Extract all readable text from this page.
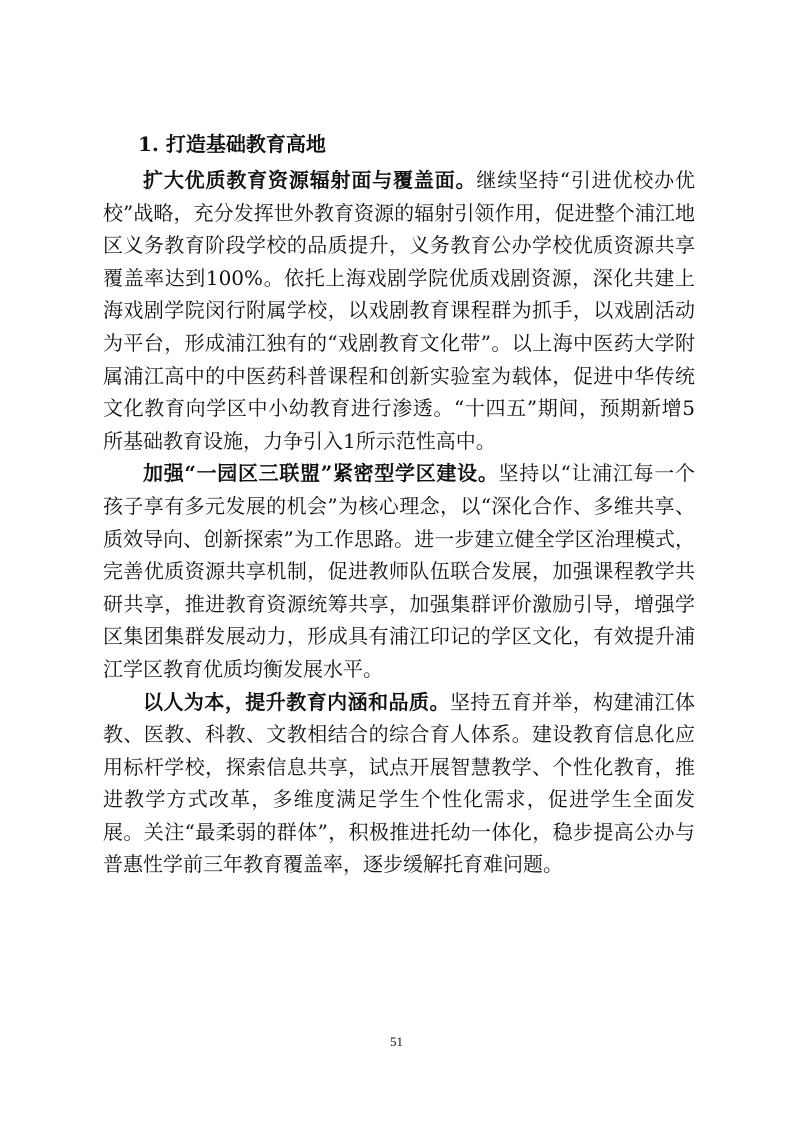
1. 打造基础教育高地

扩大优质教育资源辐射面与覆盖面。继续坚持“引进优校办优校”战略，充分发挥世外教育资源的辐射引领作用，促进整个浦江地区义务教育阶段学校的品质提升，义务教育公办学校优质资源共享覆盖率达到100%。依托上海戏剧学院优质戏剧资源，深化共建上海戏剧学院闵行附属学校，以戏剧教育课程群为抓手，以戏剧活动为平台，形成浦江独有的“戏剧教育文化带”。以上海中医药大学附属浦江高中的中医药科普课程和创新实验室为载体，促进中华传统文化教育向学区中小幼教育进行渗透。“十四五”期间，预期新增5所基础教育设施，力争引入1所示范性高中。

加强“一园区三联盟”紧密型学区建设。坚持以“让浦江每一个孩子享有多元发展的机会”为核心理念，以“深化合作、多维共享、质效导向、创新探索”为工作思路。进一步建立健全学区治理模式，完善优质资源共享机制，促进教师队伍联合发展，加强课程教学共研共享，推进教育资源统筹共享，加强集群评价激励引导，增强学区集团集群发展动力，形成具有浦江印记的学区文化，有效提升浦江学区教育优质均衡发展水平。

以人为本，提升教育内涵和品质。坚持五育并举，构建浦江体教、医教、科教、文教相结合的综合育人体系。建设教育信息化应用标杆学校，探索信息共享，试点开展智慧教学、个性化教育，推进教学方式改革，多维度满足学生个性化需求，促进学生全面发展。关注“最柔弱的群体”，积极推进托幼一体化，稳步提高公办与普惠性学前三年教育覆盖率，逐步缓解托育难问题。

51
